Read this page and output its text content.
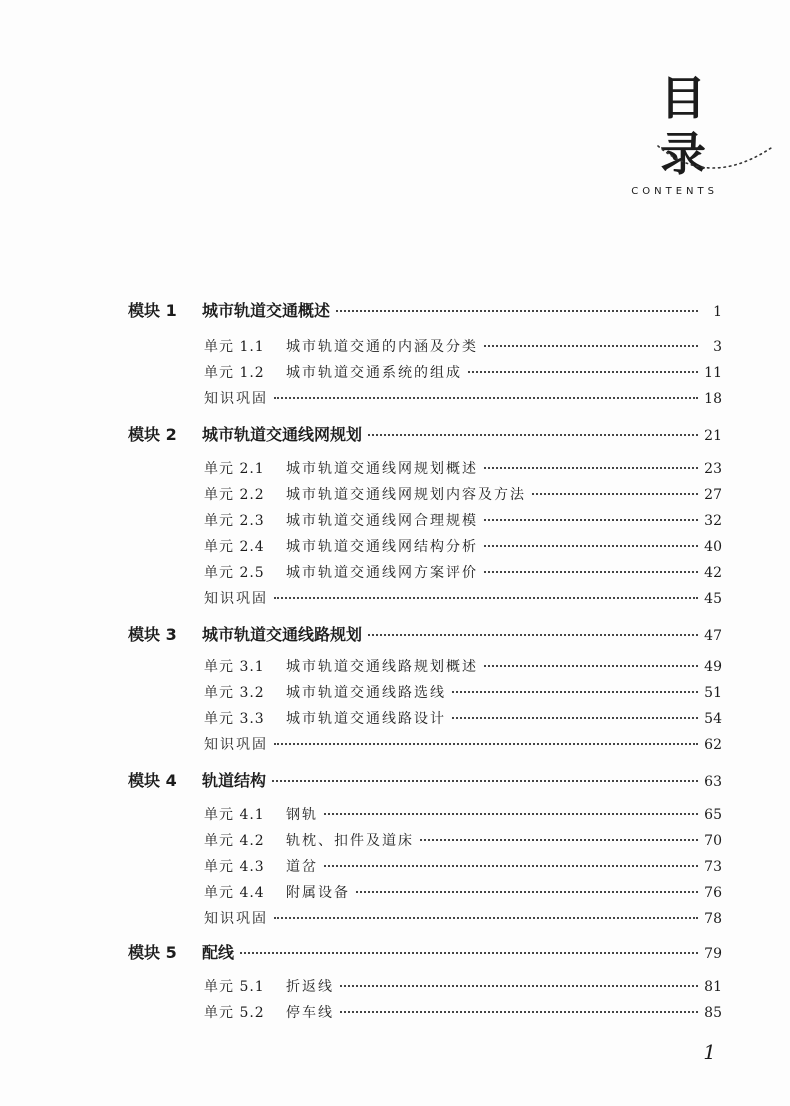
目 录
CONTENTS
模块 1 城市轨道交通概述	1
单元 1.1 城市轨道交通的内涵及分类	3
单元 1.2 城市轨道交通系统的组成	11
知识巩固	18
模块 2 城市轨道交通线网规划	21
单元 2.1 城市轨道交通线网规划概述	23
单元 2.2 城市轨道交通线网规划内容及方法	27
单元 2.3 城市轨道交通线网合理规模	32
单元 2.4 城市轨道交通线网结构分析	40
单元 2.5 城市轨道交通线网方案评价	42
知识巩固	45
模块 3 城市轨道交通线路规划	47
单元 3.1 城市轨道交通线路规划概述	49
单元 3.2 城市轨道交通线路选线	51
单元 3.3 城市轨道交通线路设计	54
知识巩固	62
模块 4 轨道结构	63
单元 4.1 钢轨	65
单元 4.2 轨枕、扣件及道床	70
单元 4.3 道岔	73
单元 4.4 附属设备	76
知识巩固	78
模块 5 配线	79
单元 5.1 折返线	81
单元 5.2 停车线	85
1
